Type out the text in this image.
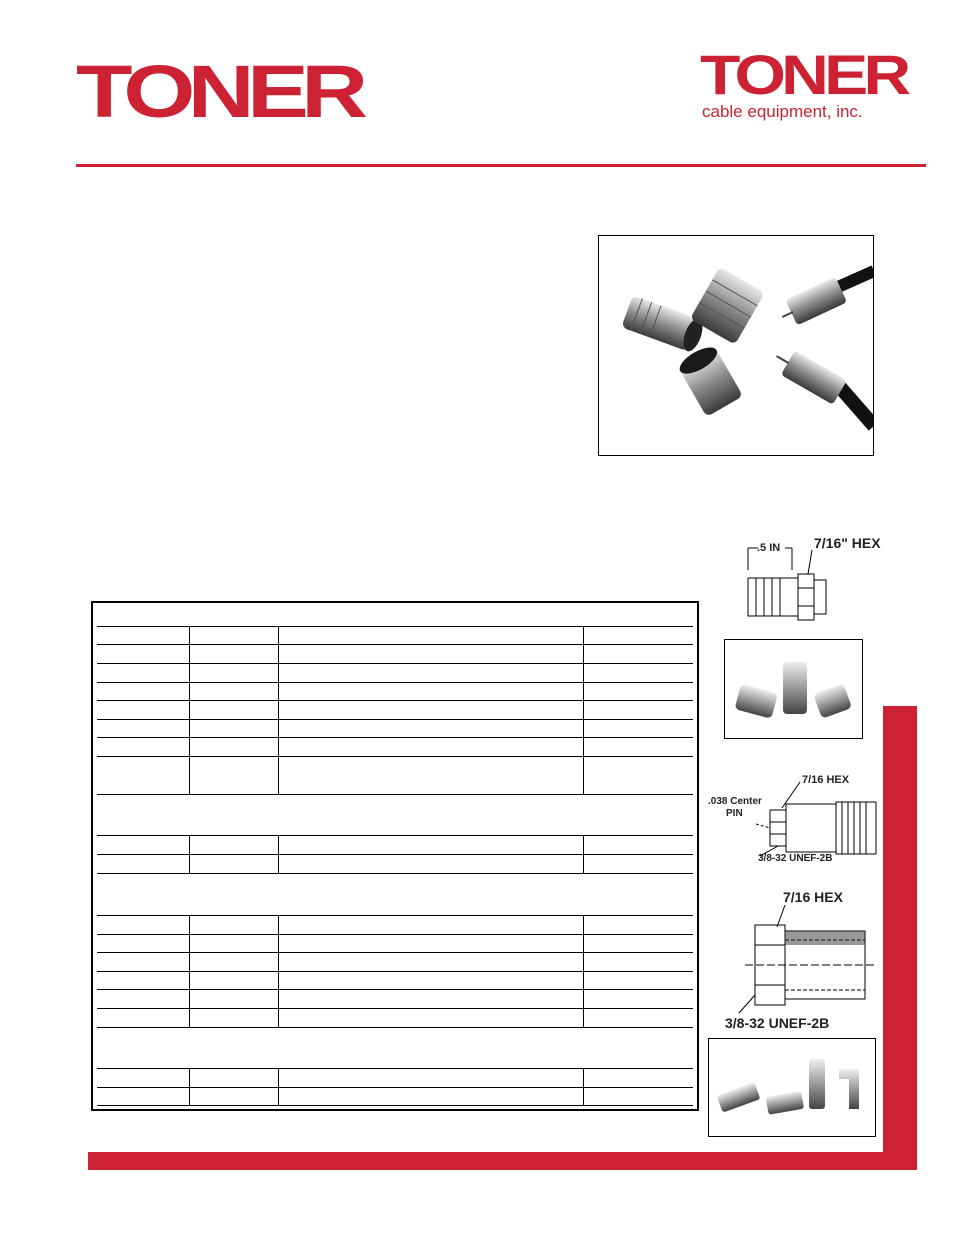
TONER	TONER
cable equipment, inc.
.5 IN 7/16" HEX
7/16 HEX
.038 Center
PIN
3/8-32 UNEF-2B
7/16 HEX
3/8-32 UNEF-2B
